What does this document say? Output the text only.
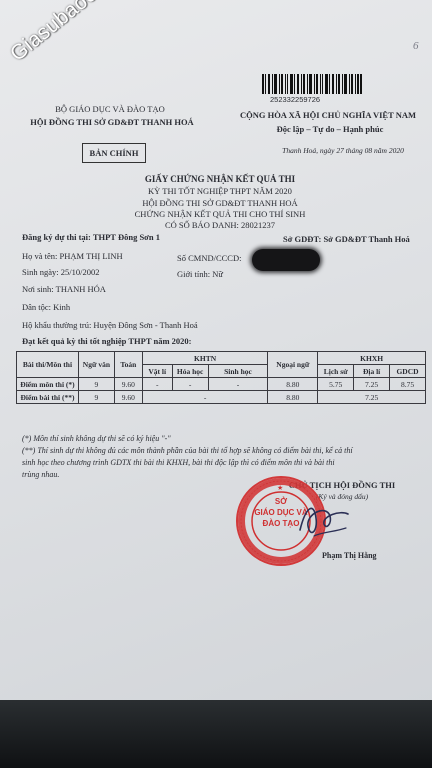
6
252332259726
BỘ GIÁO DỤC VÀ ĐÀO TẠO
HỘI ĐỒNG THI SỞ GD&ĐT THANH HOÁ
CỘNG HÒA XÃ HỘI CHỦ NGHĨA VIỆT NAM
Độc lập – Tự do – Hạnh phúc
Thanh Hoá, ngày 27 tháng 08 năm 2020
BẢN CHÍNH
GIẤY CHỨNG NHẬN KẾT QUẢ THI
KỲ THI TỐT NGHIỆP THPT NĂM 2020
HỘI ĐỒNG THI SỞ GD&ĐT THANH HOÁ
CHỨNG NHẬN KẾT QUẢ THI CHO THÍ SINH
CÓ SỐ BÁO DANH: 28021237
Đăng ký dự thi tại: THPT Đông Sơn 1	Sở GDĐT: Sở GD&ĐT Thanh Hoá
Họ và tên: PHẠM THỊ LINH	Số CMND/CCCD:
Sinh ngày: 25/10/2002	Giới tính: Nữ
Nơi sinh: THANH HÓA
Dân tộc: Kinh
Hộ khẩu thường trú: Huyện Đông Sơn - Thanh Hoá
Đạt kết quả kỳ thi tốt nghiệp THPT năm 2020:
Bài thi/Môn thi	Ngữ văn	Toán	KHTN			Ngoại ngữ	KHXH		
			Vật lí	Hóa học	Sinh học		Lịch sử	Địa lí	GDCD
Điểm môn thi (*)	9	9.60	-	-	-	8.80	5.75	7.25	8.75
Điểm bài thi (**)	9	9.60	-			8.80	7.25		
(*) Môn thí sinh không dự thi sẽ có ký hiệu "-"
(**) Thí sinh dự thi không đủ các môn thành phần của bài thi tổ hợp sẽ không có điểm bài thi, kể cả thí
sinh học theo chương trình GDTX thi bài thi KHXH, bài thi độc lập thì có điểm môn thi và bài thi
trùng nhau.
CHỦ TỊCH HỘI ĐỒNG THI
(Ký và đóng dấu)
★
SỞ
GIÁO DỤC VÀ
ĐÀO TẠO
Phạm Thị Hằng
